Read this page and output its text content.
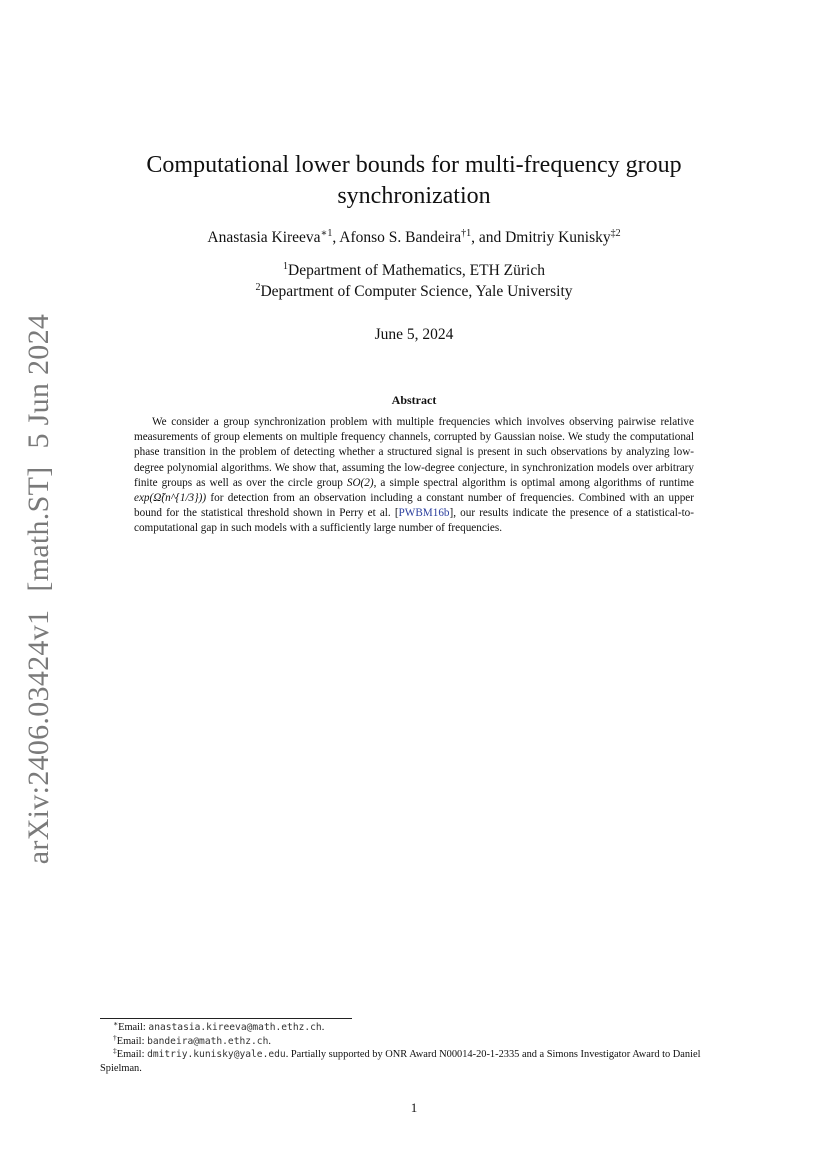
arXiv:2406.03424v1[math.ST]5 Jun 2024
Computational lower bounds for multi-frequency group synchronization
Anastasia Kireeva$^{∗1}$, Afonso S. Bandeira$^{\dagger 1}$, and Dmitriy Kunisky$^{\ddagger 2}$
$^1$Department of Mathematics, ETH Zürich
$^2$Department of Computer Science, Yale University
June 5, 2024
Abstract
We consider a group synchronization problem with multiple frequencies which involves observing pairwise relative measurements of group elements on multiple frequency channels, corrupted by Gaussian noise. We study the computational phase transition in the problem of detecting whether a structured signal is present in such observations by analyzing low-degree polynomial algorithms. We show that, assuming the low-degree conjecture, in synchronization models over arbitrary finite groups as well as over the circle group SO(2), a simple spectral algorithm is optimal among algorithms of runtime exp(Ω̃(n^{1/3})) for detection from an observation including a constant number of frequencies. Combined with an upper bound for the statistical threshold shown in Perry et al. [PWBM16b], our results indicate the presence of a statistical-to-computational gap in such models with a sufficiently large number of frequencies.

∗Email: anastasia.kireeva@math.ethz.ch.

†Email: bandeira@math.ethz.ch.

‡Email: dmitriy.kunisky@yale.edu. Partially supported by ONR Award N00014-20-1-2335 and a Simons Investigator Award to Daniel Spielman.

1
